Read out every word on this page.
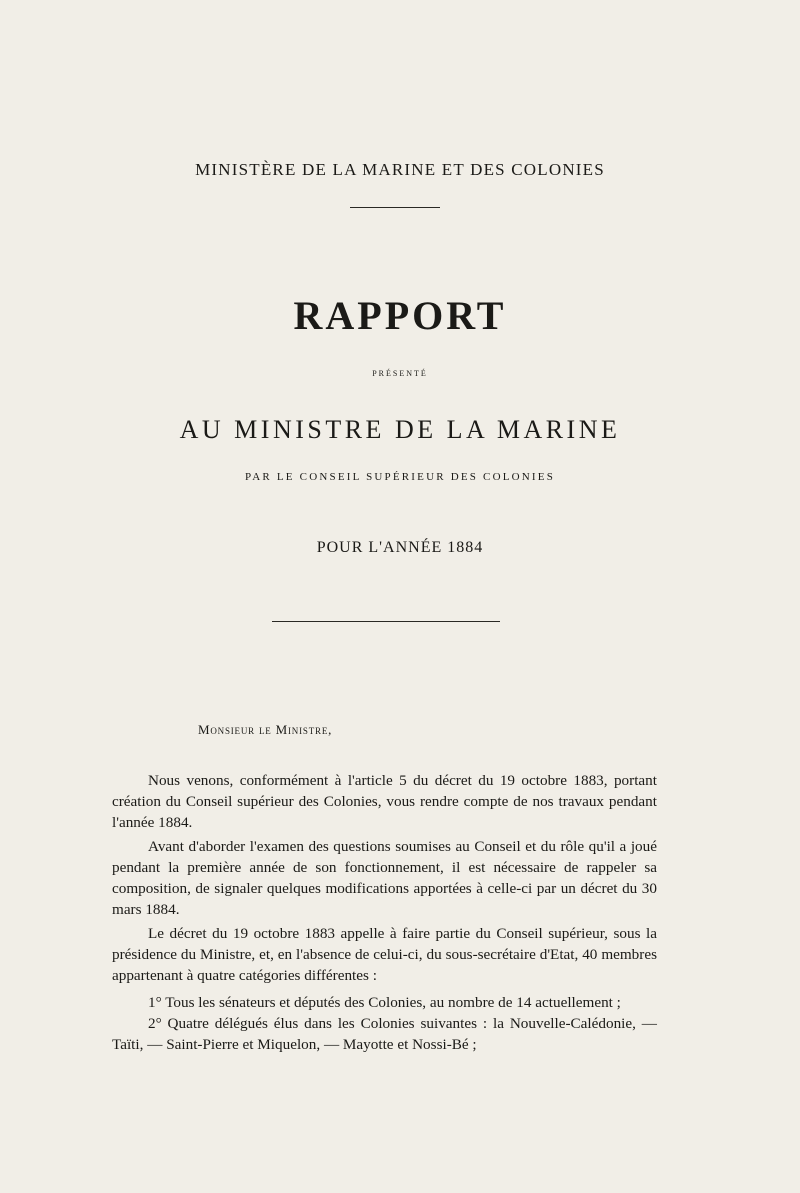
MINISTÈRE DE LA MARINE ET DES COLONIES
RAPPORT
PRÉSENTÉ
AU MINISTRE DE LA MARINE
PAR LE CONSEIL SUPÉRIEUR DES COLONIES
POUR L'ANNÉE 1884
Monsieur le Ministre,

Nous venons, conformément à l'article 5 du décret du 19 octobre 1883, portant création du Conseil supérieur des Colonies, vous rendre compte de nos travaux pendant l'année 1884.

Avant d'aborder l'examen des questions soumises au Conseil et du rôle qu'il a joué pendant la première année de son fonctionnement, il est nécessaire de rappeler sa composition, de signaler quelques modifications apportées à celle-ci par un décret du 30 mars 1884.

Le décret du 19 octobre 1883 appelle à faire partie du Conseil supérieur, sous la présidence du Ministre, et, en l'absence de celui-ci, du sous-secrétaire d'Etat, 40 membres appartenant à quatre catégories différentes :

1° Tous les sénateurs et députés des Colonies, au nombre de 14 actuellement ;

2° Quatre délégués élus dans les Colonies suivantes : la Nouvelle-Calédonie, — Taïti, — Saint-Pierre et Miquelon, — Mayotte et Nossi-Bé ;
